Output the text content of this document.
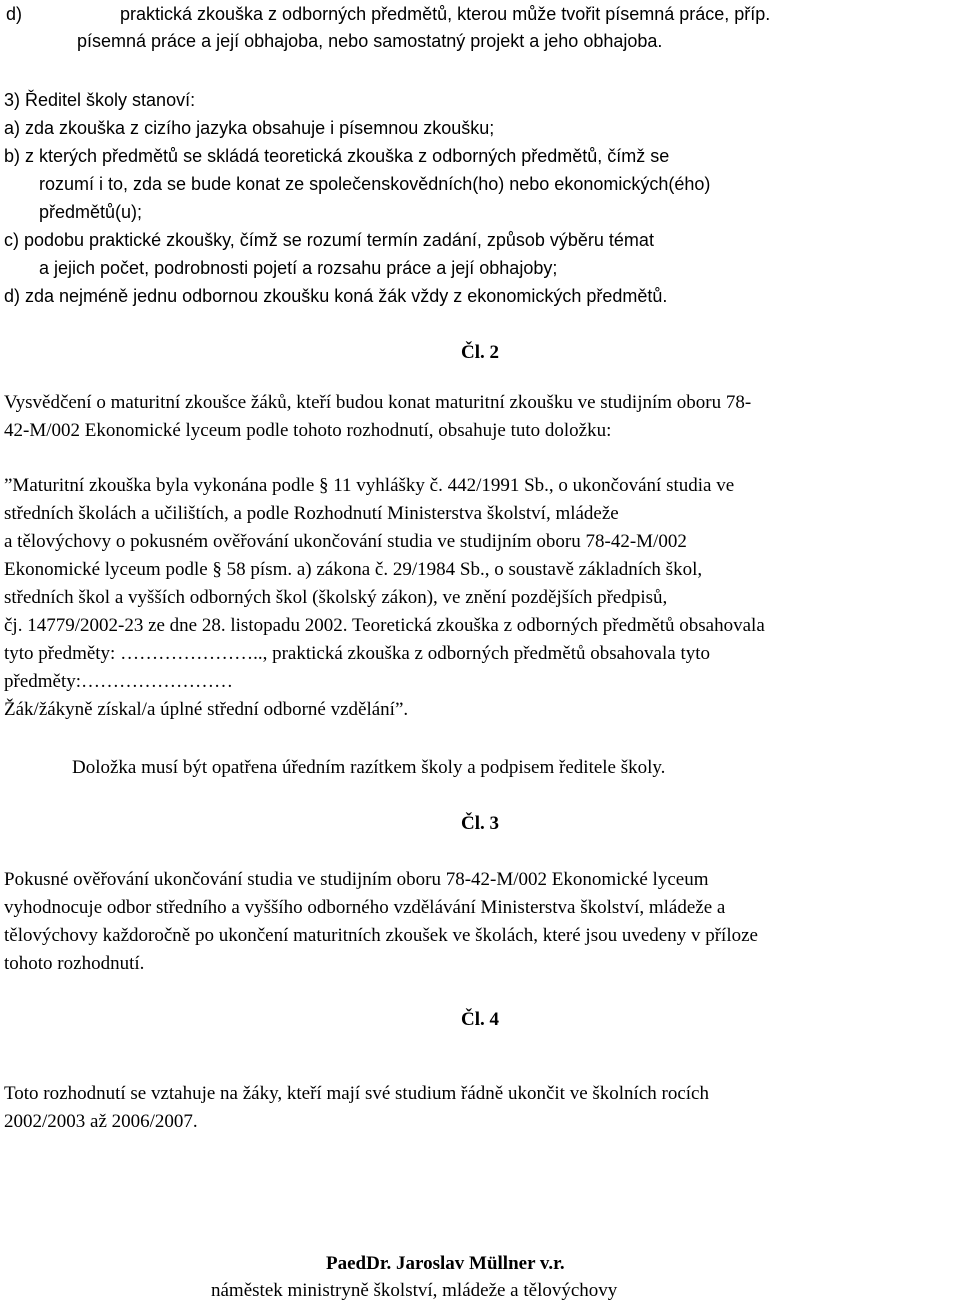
d)	praktická zkouška z odborných předmětů, kterou může tvořit písemná práce, příp.
písemná práce a její obhajoba, nebo samostatný projekt a jeho obhajoba.
3) Ředitel školy stanoví:
a) zda zkouška z cizího jazyka obsahuje i písemnou zkoušku;
b) z kterých předmětů se skládá teoretická zkouška z odborných předmětů, čímž se
rozumí i to, zda se bude konat ze společenskovědních(ho) nebo ekonomických(ého)
předmětů(u);
c) podobu praktické zkoušky, čímž se rozumí termín zadání, způsob výběru témat
a jejich počet, podrobnosti pojetí a rozsahu práce a její obhajoby;
d) zda nejméně jednu odbornou zkoušku koná žák vždy z ekonomických předmětů.
Čl. 2
Vysvědčení o maturitní zkoušce žáků, kteří budou konat maturitní zkoušku ve studijním oboru 78-
42-M/002 Ekonomické lyceum podle tohoto rozhodnutí, obsahuje tuto doložku:
”Maturitní zkouška byla vykonána podle § 11 vyhlášky č. 442/1991 Sb., o ukončování studia ve
středních školách a učilištích, a podle Rozhodnutí Ministerstva školství, mládeže
a tělovýchovy o pokusném ověřování ukončování studia ve studijním oboru 78-42-M/002
Ekonomické lyceum podle § 58 písm. a) zákona č. 29/1984 Sb., o soustavě základních škol,
středních škol a vyšších odborných škol (školský zákon), ve znění pozdějších předpisů,
čj. 14779/2002-23 ze dne 28. listopadu 2002. Teoretická zkouška z odborných předmětů obsahovala
tyto předměty: ………………….., praktická zkouška z odborných předmětů obsahovala tyto
předměty:……………………
Žák/žákyně získal/a úplné střední odborné vzdělání”.
Doložka musí být opatřena úředním razítkem školy a podpisem ředitele školy.
Čl. 3
Pokusné ověřování ukončování studia ve studijním oboru 78-42-M/002 Ekonomické lyceum
vyhodnocuje odbor středního a vyššího odborného vzdělávání Ministerstva školství, mládeže a
tělovýchovy každoročně po ukončení maturitních zkoušek ve školách, které jsou uvedeny v příloze
tohoto rozhodnutí.
Čl. 4
Toto rozhodnutí se vztahuje na žáky, kteří mají své studium řádně ukončit ve školních rocích
2002/2003 až 2006/2007.
PaedDr. Jaroslav Müllner v.r.
náměstek ministryně školství, mládeže a tělovýchovy
